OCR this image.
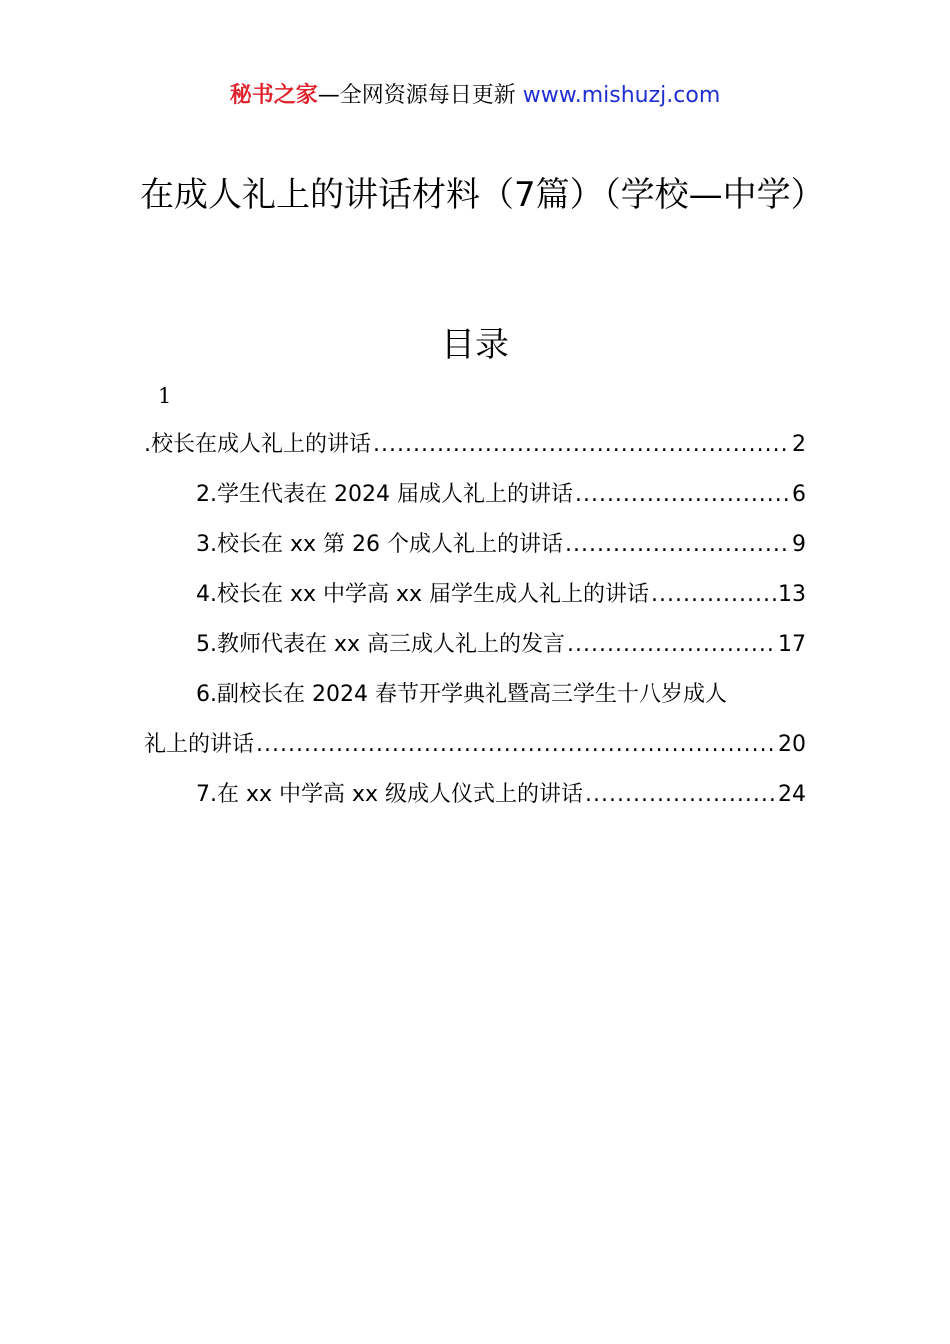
秘书之家—全网资源每日更新 www.mishuzj.com
在成人礼上的讲话材料（7篇）（学校—中学）
目录
1
.校长在成人礼上的讲话 .....	2
2.学生代表在 2024 届成人礼上的讲话 .....	6
3.校长在 xx 第 26 个成人礼上的讲话 .....	9
4.校长在 xx 中学高 xx 届学生成人礼上的讲话 .....	13
5.教师代表在 xx 高三成人礼上的发言 .....	17
6.副校长在 2024 春节开学典礼暨高三学生十八岁成人
礼上的讲话 .....	20
7.在 xx 中学高 xx 级成人仪式上的讲话 .....	24
